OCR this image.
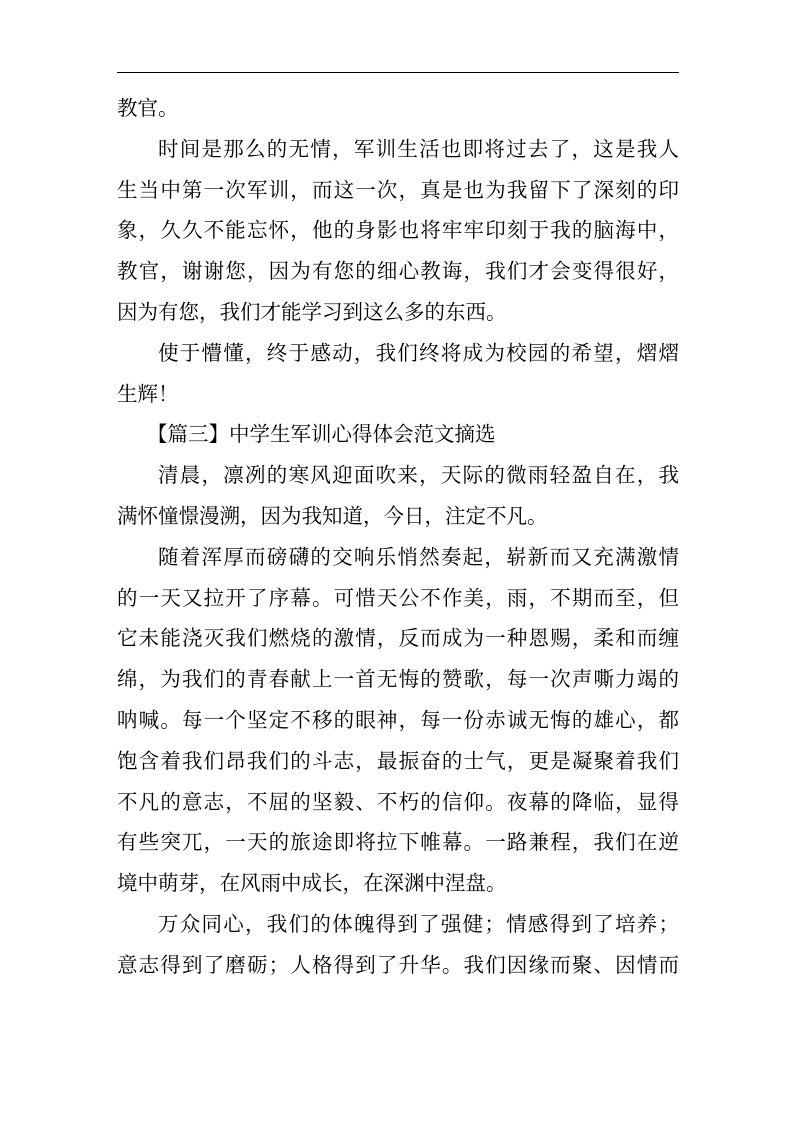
教官。
时间是那么的无情，军训生活也即将过去了，这是我人
生当中第一次军训，而这一次，真是也为我留下了深刻的印
象，久久不能忘怀，他的身影也将牢牢印刻于我的脑海中，
教官，谢谢您，因为有您的细心教诲，我们才会变得很好，
因为有您，我们才能学习到这么多的东西。
使于懵懂，终于感动，我们终将成为校园的希望，熠熠
生辉！
【篇三】中学生军训心得体会范文摘选
清晨，凛冽的寒风迎面吹来，天际的微雨轻盈自在，我
满怀憧憬漫溯，因为我知道，今日，注定不凡。
随着浑厚而磅礴的交响乐悄然奏起，崭新而又充满激情
的一天又拉开了序幕。可惜天公不作美，雨，不期而至，但
它未能浇灭我们燃烧的激情，反而成为一种恩赐，柔和而缠
绵，为我们的青春献上一首无悔的赞歌，每一次声嘶力竭的
呐喊。每一个坚定不移的眼神，每一份赤诚无悔的雄心，都
饱含着我们昂我们的斗志，最振奋的士气，更是凝聚着我们
不凡的意志，不屈的坚毅、不朽的信仰。夜幕的降临，显得
有些突兀，一天的旅途即将拉下帷幕。一路兼程，我们在逆
境中萌芽，在风雨中成长，在深渊中涅盘。
万众同心，我们的体魄得到了强健；情感得到了培养；
意志得到了磨砺；人格得到了升华。我们因缘而聚、因情而
